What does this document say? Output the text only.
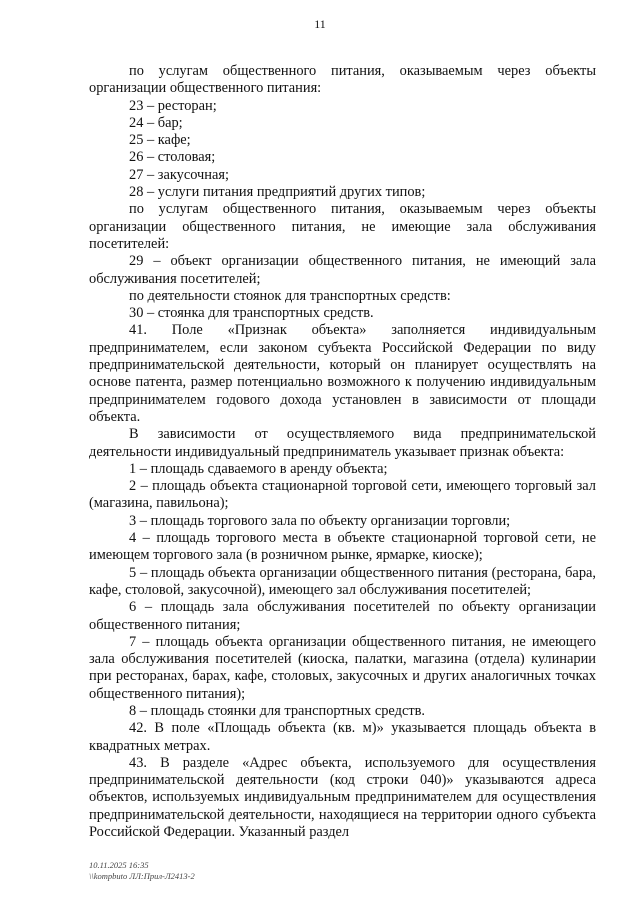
11

по услугам общественного питания, оказываемым через объекты организации общественного питания:

23 – ресторан;

24 – бар;

25 – кафе;

26 – столовая;

27 – закусочная;

28 – услуги питания предприятий других типов;

по услугам общественного питания, оказываемым через объекты организации общественного питания, не имеющие зала обслуживания посетителей:

29 – объект организации общественного питания, не имеющий зала обслуживания посетителей;

по деятельности стоянок для транспортных средств:

30 – стоянка для транспортных средств.

41. Поле «Признак объекта» заполняется индивидуальным предпринимателем, если законом субъекта Российской Федерации по виду предпринимательской деятельности, который он планирует осуществлять на основе патента, размер потенциально возможного к получению индивидуальным предпринимателем годового дохода установлен в зависимости от площади объекта.

В зависимости от осуществляемого вида предпринимательской деятельности индивидуальный предприниматель указывает признак объекта:

1 – площадь сдаваемого в аренду объекта;

2 – площадь объекта стационарной торговой сети, имеющего торговый зал (магазина, павильона);

3 – площадь торгового зала по объекту организации торговли;

4 – площадь торгового места в объекте стационарной торговой сети, не имеющем торгового зала (в розничном рынке, ярмарке, киоске);

5 – площадь объекта организации общественного питания (ресторана, бара, кафе, столовой, закусочной), имеющего зал обслуживания посетителей;

6 – площадь зала обслуживания посетителей по объекту организации общественного питания;

7 – площадь объекта организации общественного питания, не имеющего зала обслуживания посетителей (киоска, палатки, магазина (отдела) кулинарии при ресторанах, барах, кафе, столовых, закусочных и других аналогичных точках общественного питания);

8 – площадь стоянки для транспортных средств.

42. В поле «Площадь объекта (кв. м)» указывается площадь объекта в квадратных метрах.

43. В разделе «Адрес объекта, используемого для осуществления предпринимательской деятельности (код строки 040)» указываются адреса объектов, используемых индивидуальным предпринимателем для осуществления предпринимательской деятельности, находящиеся на территории одного субъекта Российской Федерации. Указанный раздел

10.11.2025 16:35
\\kompbuto ЛЛ:Прил-Л2413-2
